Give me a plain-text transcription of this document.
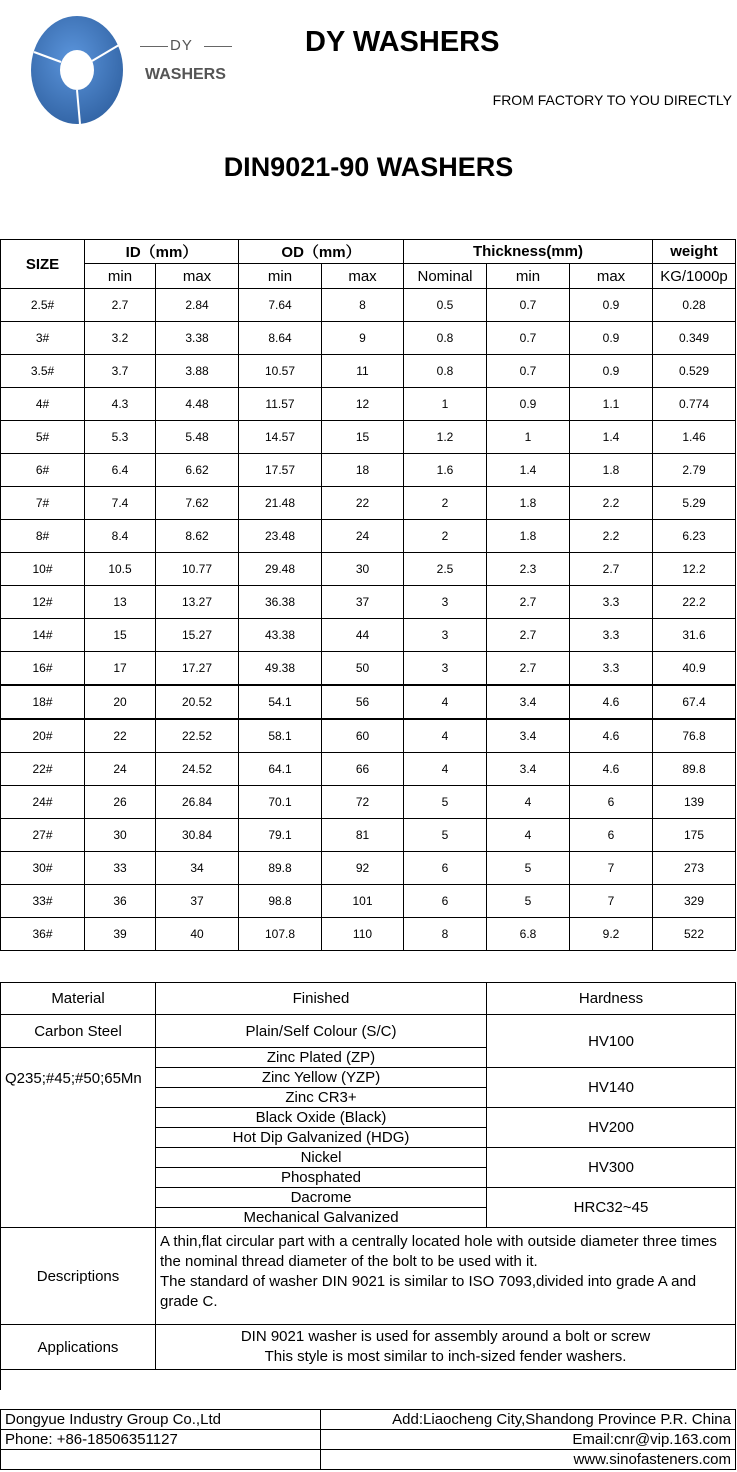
DY
WASHERS
DY WASHERS
FROM FACTORY TO YOU DIRECTLY
DIN9021-90 WASHERS
SIZE	ID（mm）		OD（mm）		Thickness(mm)			weight
	min	max	min	max	Nominal	min	max	KG/1000p
2.5#	2.7	2.84	7.64	8	0.5	0.7	0.9	0.28
3#	3.2	3.38	8.64	9	0.8	0.7	0.9	0.349
3.5#	3.7	3.88	10.57	11	0.8	0.7	0.9	0.529
4#	4.3	4.48	11.57	12	1	0.9	1.1	0.774
5#	5.3	5.48	14.57	15	1.2	1	1.4	1.46
6#	6.4	6.62	17.57	18	1.6	1.4	1.8	2.79
7#	7.4	7.62	21.48	22	2	1.8	2.2	5.29
8#	8.4	8.62	23.48	24	2	1.8	2.2	6.23
10#	10.5	10.77	29.48	30	2.5	2.3	2.7	12.2
12#	13	13.27	36.38	37	3	2.7	3.3	22.2
14#	15	15.27	43.38	44	3	2.7	3.3	31.6
16#	17	17.27	49.38	50	3	2.7	3.3	40.9
18#	20	20.52	54.1	56	4	3.4	4.6	67.4
20#	22	22.52	58.1	60	4	3.4	4.6	76.8
22#	24	24.52	64.1	66	4	3.4	4.6	89.8
24#	26	26.84	70.1	72	5	4	6	139
27#	30	30.84	79.1	81	5	4	6	175
30#	33	34	89.8	92	6	5	7	273
33#	36	37	98.8	101	6	5	7	329
36#	39	40	107.8	110	8	6.8	9.2	522
Material	Finished	Hardness
Carbon Steel	Plain/Self Colour (S/C)	HV100
Q235;#45;#50;65Mn	Zinc Plated (ZP)	
	Zinc Yellow (YZP)	HV140
	Zinc CR3+	
	Black Oxide (Black)	HV200
	Hot Dip Galvanized (HDG)	
	Nickel	HV300
	Phosphated	
	Dacrome	HRC32~45
	Mechanical Galvanized	
Descriptions	A thin,flat circular part with a centrally located hole with outside diameter three times the nominal thread diameter of the bolt to be used with it.
The standard of washer DIN 9021 is similar to ISO 7093,divided into grade A and grade C.	

Applications	DIN 9021 washer is used for assembly around a bolt or screw
This style is most similar to inch-sized fender washers.	
Dongyue Industry Group Co.,Ltd	Add:Liaocheng City,Shandong Province P.R. China
Phone: +86-18506351127	Email:cnr@vip.163.com
	www.sinofasteners.com
